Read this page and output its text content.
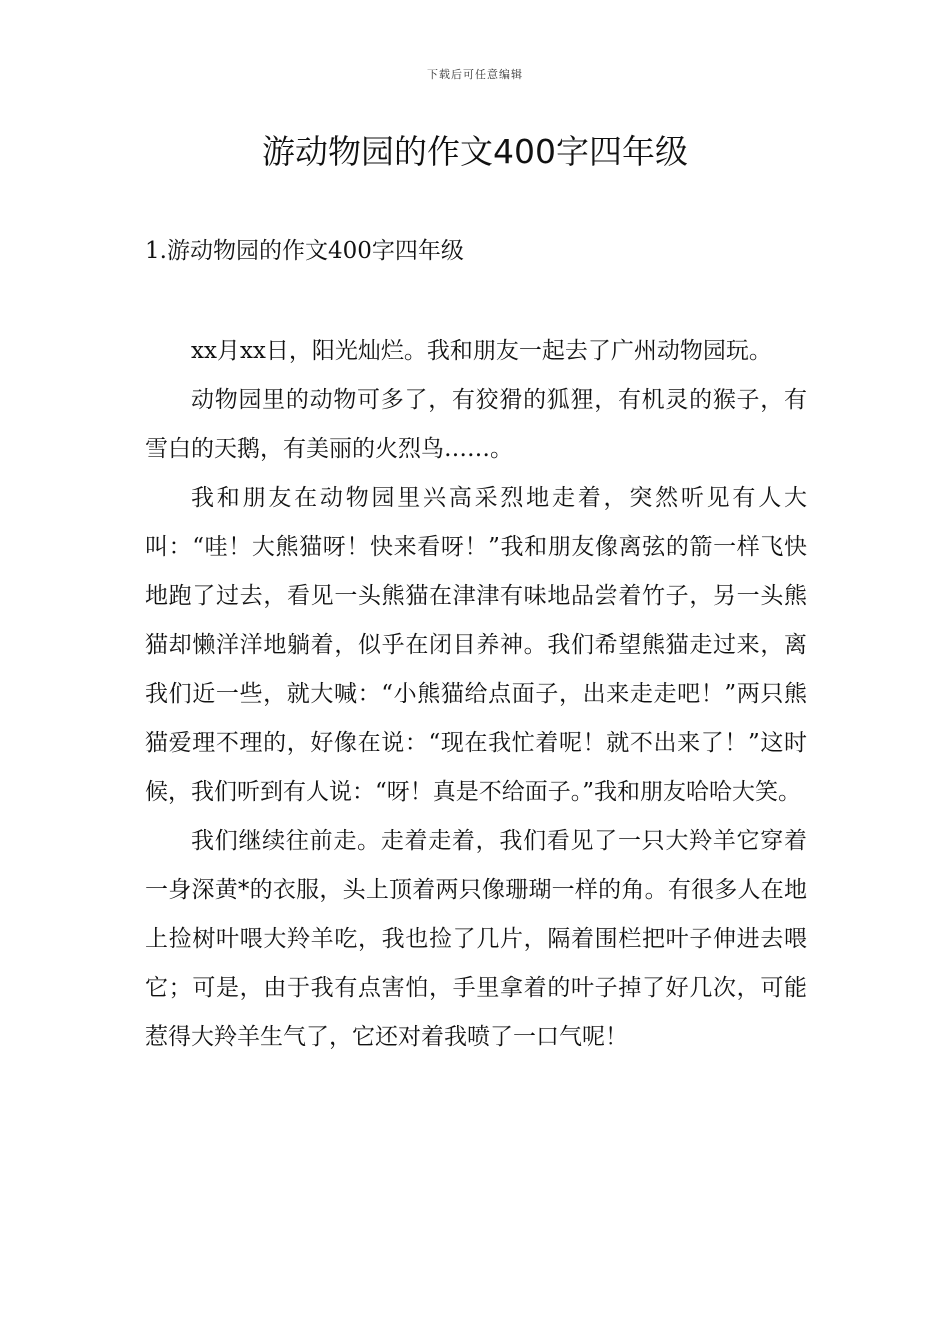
下载后可任意编辑
游动物园的作文400字四年级
1.游动物园的作文400字四年级

xx月xx日，阳光灿烂。我和朋友一起去了广州动物园玩。

动物园里的动物可多了，有狡猾的狐狸，有机灵的猴子，有雪白的天鹅，有美丽的火烈鸟……。

我和朋友在动物园里兴高采烈地走着，突然听见有人大叫：“哇！大熊猫呀！快来看呀！”我和朋友像离弦的箭一样飞快地跑了过去，看见一头熊猫在津津有味地品尝着竹子，另一头熊猫却懒洋洋地躺着，似乎在闭目养神。我们希望熊猫走过来，离我们近一些，就大喊：“小熊猫给点面子，出来走走吧！”两只熊猫爱理不理的，好像在说：“现在我忙着呢！就不出来了！”这时候，我们听到有人说：“呀！真是不给面子。”我和朋友哈哈大笑。

我们继续往前走。走着走着，我们看见了一只大羚羊它穿着一身深黄*的衣服，头上顶着两只像珊瑚一样的角。有很多人在地上捡树叶喂大羚羊吃，我也捡了几片，隔着围栏把叶子伸进去喂它；可是，由于我有点害怕，手里拿着的叶子掉了好几次，可能惹得大羚羊生气了，它还对着我喷了一口气呢！
